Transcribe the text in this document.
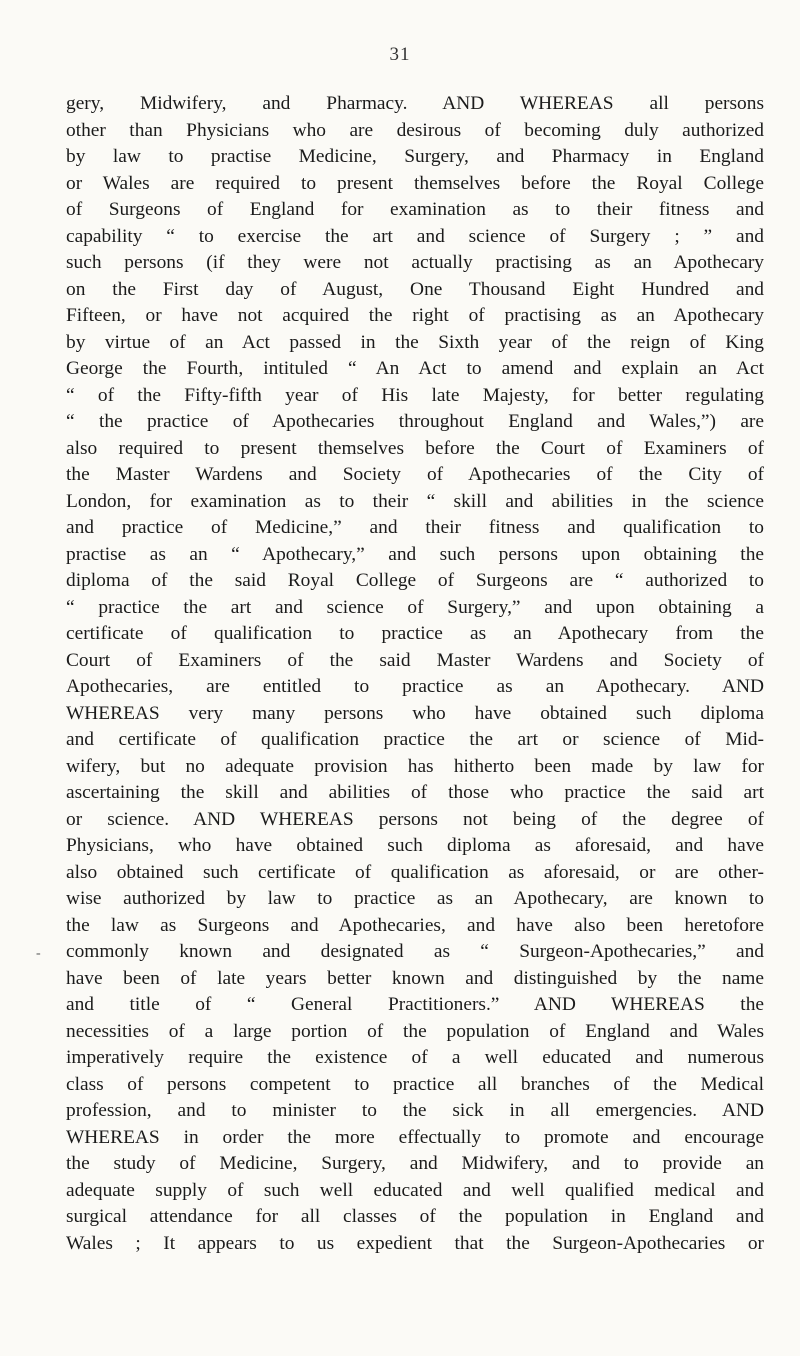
31
-
gery, Midwifery, and Pharmacy. AND WHEREAS all persons
other than Physicians who are desirous of becoming duly authorized
by law to practise Medicine, Surgery, and Pharmacy in England
or Wales are required to present themselves before the Royal College
of Surgeons of England for examination as to their fitness and
capability “ to exercise the art and science of Surgery ; ” and
such persons (if they were not actually practising as an Apothecary
on the First day of August, One Thousand Eight Hundred and
Fifteen, or have not acquired the right of practising as an Apothecary
by virtue of an Act passed in the Sixth year of the reign of King
George the Fourth, intituled “ An Act to amend and explain an Act
“ of the Fifty-fifth year of His late Majesty, for better regulating
“ the practice of Apothecaries throughout England and Wales,”) are
also required to present themselves before the Court of Examiners of
the Master Wardens and Society of Apothecaries of the City of
London, for examination as to their “ skill and abilities in the science
and practice of Medicine,” and their fitness and qualification to
practise as an “ Apothecary,” and such persons upon obtaining the
diploma of the said Royal College of Surgeons are “ authorized to
“ practice the art and science of Surgery,” and upon obtaining a
certificate of qualification to practice as an Apothecary from the
Court of Examiners of the said Master Wardens and Society of
Apothecaries, are entitled to practice as an Apothecary. AND
WHEREAS very many persons who have obtained such diploma
and certificate of qualification practice the art or science of Mid-
wifery, but no adequate provision has hitherto been made by law for
ascertaining the skill and abilities of those who practice the said art
or science. AND WHEREAS persons not being of the degree of
Physicians, who have obtained such diploma as aforesaid, and have
also obtained such certificate of qualification as aforesaid, or are other-
wise authorized by law to practice as an Apothecary, are known to
the law as Surgeons and Apothecaries, and have also been heretofore
commonly known and designated as “ Surgeon-Apothecaries,” and
have been of late years better known and distinguished by the name
and title of “ General Practitioners.” AND WHEREAS the
necessities of a large portion of the population of England and Wales
imperatively require the existence of a well educated and numerous
class of persons competent to practice all branches of the Medical
profession, and to minister to the sick in all emergencies. AND
WHEREAS in order the more effectually to promote and encourage
the study of Medicine, Surgery, and Midwifery, and to provide an
adequate supply of such well educated and well qualified medical and
surgical attendance for all classes of the population in England and
Wales ; It appears to us expedient that the Surgeon-Apothecaries or
